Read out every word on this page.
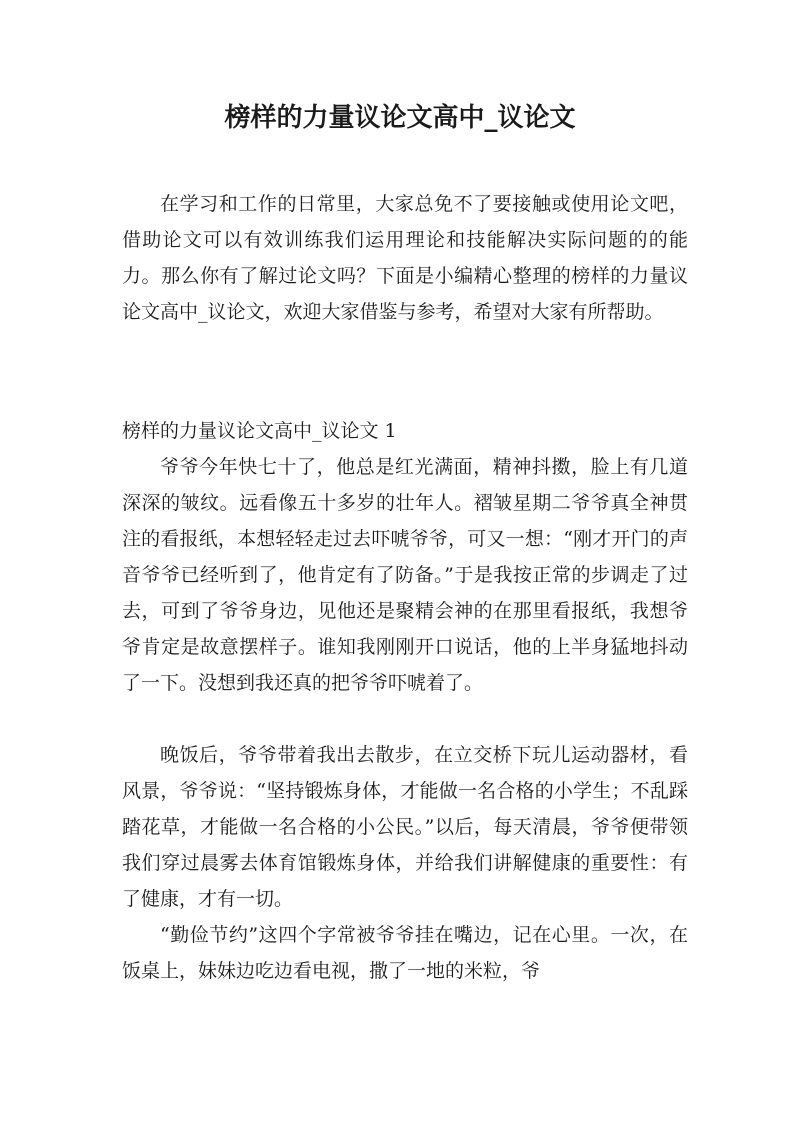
榜样的力量议论文高中_议论文

在学习和工作的日常里，大家总免不了要接触或使用论文吧，借助论文可以有效训练我们运用理论和技能解决实际问题的的能力。那么你有了解过论文吗？下面是小编精心整理的榜样的力量议论文高中_议论文，欢迎大家借鉴与参考，希望对大家有所帮助。

榜样的力量议论文高中_议论文 1

爷爷今年快七十了，他总是红光满面，精神抖擞，脸上有几道深深的皱纹。远看像五十多岁的壮年人。褶皱星期二爷爷真全神贯注的看报纸，本想轻轻走过去吓唬爷爷，可又一想：“刚才开门的声音爷爷已经听到了，他肯定有了防备。”于是我按正常的步调走了过去，可到了爷爷身边，见他还是聚精会神的在那里看报纸，我想爷爷肯定是故意摆样子。谁知我刚刚开口说话，他的上半身猛地抖动了一下。没想到我还真的把爷爷吓唬着了。

晚饭后，爷爷带着我出去散步，在立交桥下玩儿运动器材，看风景，爷爷说：“坚持锻炼身体，才能做一名合格的小学生；不乱踩踏花草，才能做一名合格的小公民。”以后，每天清晨，爷爷便带领我们穿过晨雾去体育馆锻炼身体，并给我们讲解健康的重要性：有了健康，才有一切。

“勤俭节约”这四个字常被爷爷挂在嘴边，记在心里。一次，在饭桌上，妹妹边吃边看电视，撒了一地的米粒，爷
